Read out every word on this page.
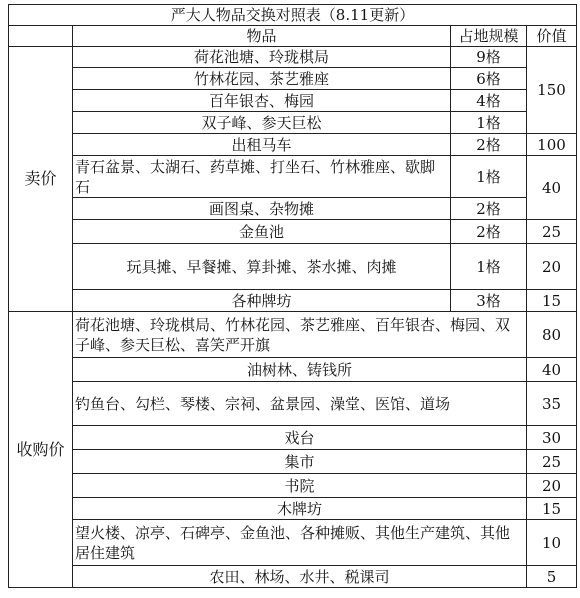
严大人物品交换对照表（8.11更新）			
	物品	占地规模	价值
卖价	荷花池塘、玲珑棋局	9格	150
	竹林花园、茶艺雅座	6格	
	百年银杏、梅园	4格	
	双子峰、参天巨松	1格	
	出租马车	2格	100
	青石盆景、太湖石、药草摊、打坐石、竹林雅座、歇脚石	1格	40
	画图桌、杂物摊	2格	
	金鱼池	2格	25
	玩具摊、早餐摊、算卦摊、茶水摊、肉摊	1格	20
	各种牌坊	3格	15
收购价	荷花池塘、玲珑棋局、竹林花园、茶艺雅座、百年银杏、梅园、双子峰、参天巨松、喜笑严开旗		80
	油树林、铸钱所		40
	钓鱼台、勾栏、琴楼、宗祠、盆景园、澡堂、医馆、道场		35
	戏台		30
	集市		25
	书院		20
	木牌坊		15
	望火楼、凉亭、石碑亭、金鱼池、各种摊贩、其他生产建筑、其他居住建筑		10
	农田、林场、水井、税课司		5
